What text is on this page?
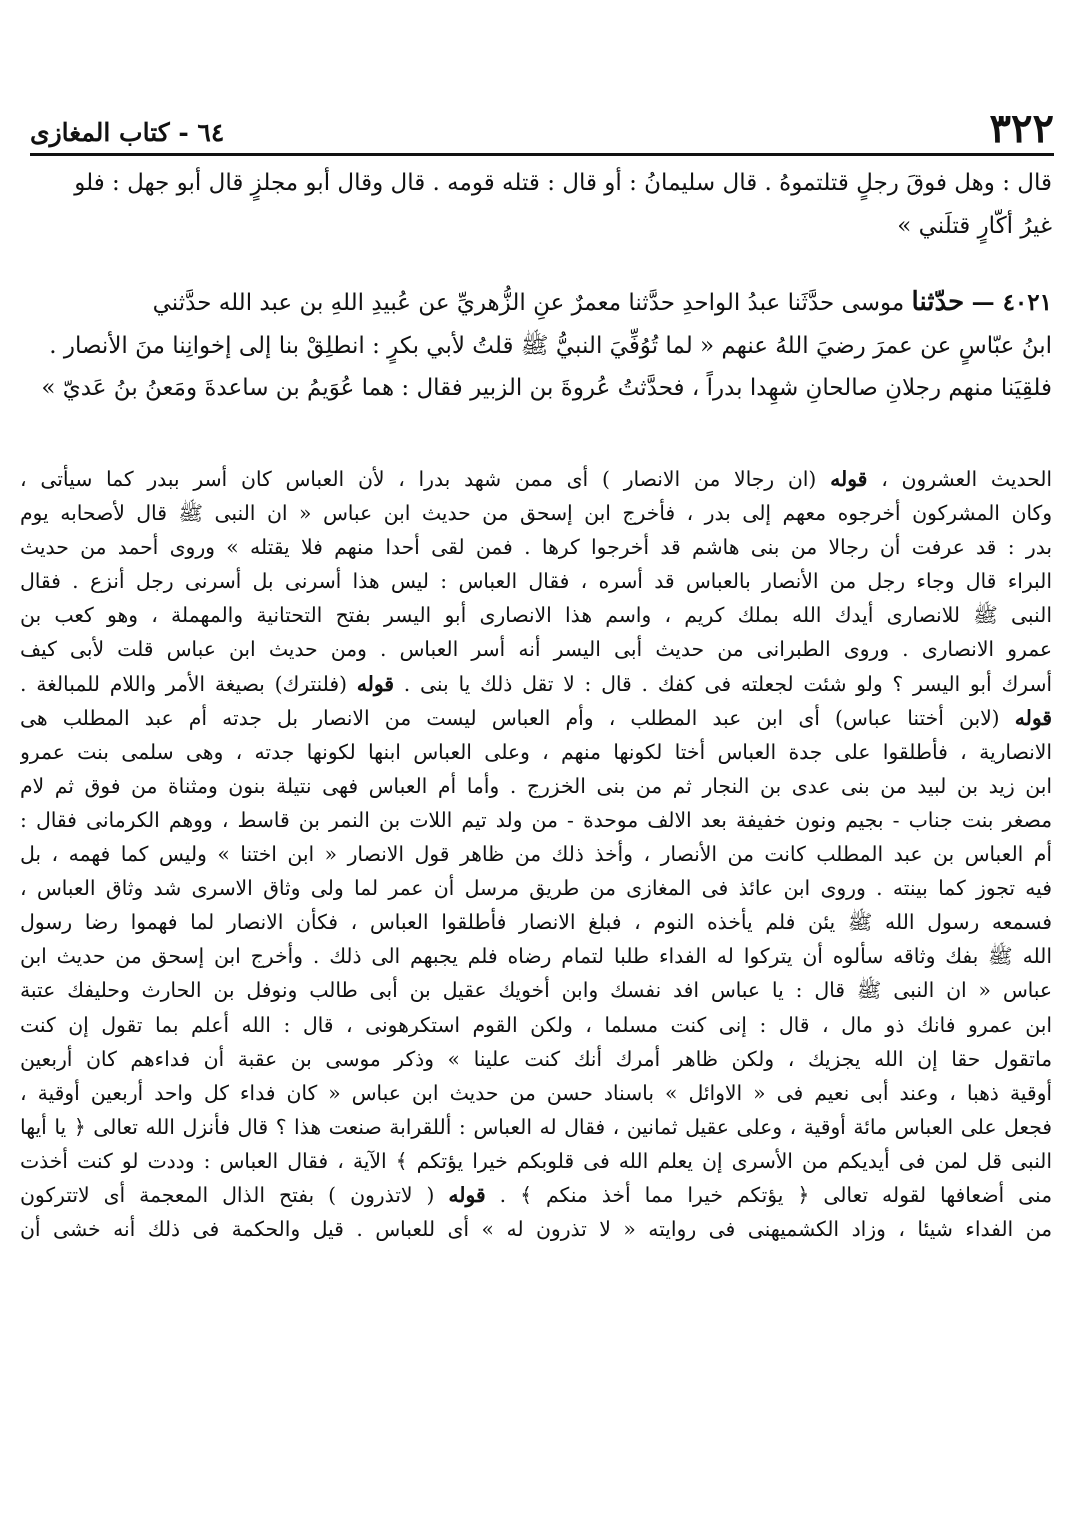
٣٢٢
٦٤ - كتاب المغازى

قال : وهل فوقَ رجلٍ قتلتموهُ . قال سليمانُ : أو قال : قتله قومه . قال وقال أبو مجلزٍ قال أبو جهل : فلو
غيرُ أكّارٍ قتلَني »

٤٠٢١ — حدّثنا موسى حدَّثَنا عبدُ الواحدِ حدَّثنا معمرٌ عنِ الزُّهريِّ عن عُبيدِ اللهِ بن عبد الله حدَّثني
ابنُ عبّاسٍ عن عمرَ رضيَ اللهُ عنهم « لما تُوُفِّيَ النبيُّ ﷺ قلتُ لأبي بكرٍ : انطلِقْ بنا إلى إخوانِنا منَ الأنصار .
فلقِيَنا منهم رجلانِ صالحانِ شهِدا بدراً ، فحدَّثتُ عُروةَ بن الزبير فقال : هما عُوَيمُ بن ساعدةَ ومَعنُ بنُ عَديّ »

الحديث العشرون ، قوله (ان رجالا من الانصار ) أى ممن شهد بدرا ، لأن العباس كان أسر ببدر كما سيأتى ،
وكان المشركون أخرجوه معهم إلى بدر ، فأخرج ابن إسحق من حديث ابن عباس « ان النبى ﷺ قال لأصحابه يوم
بدر : قد عرفت أن رجالا من بنى هاشم قد أخرجوا كرها . فمن لقى أحدا منهم فلا يقتله » وروى أحمد من حديث
البراء قال وجاء رجل من الأنصار بالعباس قد أسره ، فقال العباس : ليس هذا أسرنى بل أسرنى رجل أنزع . فقال
النبى ﷺ للانصارى أيدك الله بملك كريم ، واسم هذا الانصارى أبو اليسر بفتح التحتانية والمهملة ، وهو كعب بن
عمرو الانصارى . وروى الطبرانى من حديث أبى اليسر أنه أسر العباس . ومن حديث ابن عباس قلت لأبى كيف
أسرك أبو اليسر ؟ ولو شئت لجعلته فى كفك . قال : لا تقل ذلك يا بنى . قوله (فلنترك) بصيغة الأمر واللام للمبالغة .

قوله (لابن أختنا عباس) أى ابن عبد المطلب ، وأم العباس ليست من الانصار بل جدته أم عبد المطلب هى
الانصارية ، فأطلقوا على جدة العباس أختا لكونها منهم ، وعلى العباس ابنها لكونها جدته ، وهى سلمى بنت عمرو
ابن زيد بن لبيد من بنى عدى بن النجار ثم من بنى الخزرج . وأما أم العباس فهى نتيلة بنون ومثناة من فوق ثم لام
مصغر بنت جناب - بجيم ونون خفيفة بعد الالف موحدة - من ولد تيم اللات بن النمر بن قاسط ، ووهم الكرمانى فقال :
أم العباس بن عبد المطلب كانت من الأنصار ، وأخذ ذلك من ظاهر قول الانصار « ابن اختنا » وليس كما فهمه ، بل
فيه تجوز كما بينته . وروى ابن عائذ فى المغازى من طريق مرسل أن عمر لما ولى وثاق الاسرى شد وثاق العباس ،
فسمعه رسول الله ﷺ يئن فلم يأخذه النوم ، فبلغ الانصار فأطلقوا العباس ، فكأن الانصار لما فهموا رضا رسول
الله ﷺ بفك وثاقه سألوه أن يتركوا له الفداء طلبا لتمام رضاه فلم يجبهم الى ذلك . وأخرج ابن إسحق من حديث ابن
عباس « ان النبى ﷺ قال : يا عباس افد نفسك وابن أخويك عقيل بن أبى طالب ونوفل بن الحارث وحليفك عتبة
ابن عمرو فانك ذو مال ، قال : إنى كنت مسلما ، ولكن القوم استكرهونى ، قال : الله أعلم بما تقول إن كنت
ماتقول حقا إن الله يجزيك ، ولكن ظاهر أمرك أنك كنت علينا » وذكر موسى بن عقبة أن فداءهم كان أربعين
أوقية ذهبا ، وعند أبى نعيم فى « الاوائل » باسناد حسن من حديث ابن عباس « كان فداء كل واحد أربعين أوقية ،
فجعل على العباس مائة أوقية ، وعلى عقيل ثمانين ، فقال له العباس : أللقرابة صنعت هذا ؟ قال فأنزل الله تعالى ﴿ يا أيها
النبى قل لمن فى أيديكم من الأسرى إن يعلم الله فى قلوبكم خيرا يؤتكم ﴾ الآية ، فقال العباس : وددت لو كنت أخذت
منى أضعافها لقوله تعالى ﴿ يؤتكم خيرا مما أخذ منكم ﴾ . قوله ( لاتذرون ) بفتح الذال المعجمة أى لاتتركون
من الفداء شيئا ، وزاد الكشميهنى فى روايته « لا تذرون له » أى للعباس . قيل والحكمة فى ذلك أنه خشى أن
